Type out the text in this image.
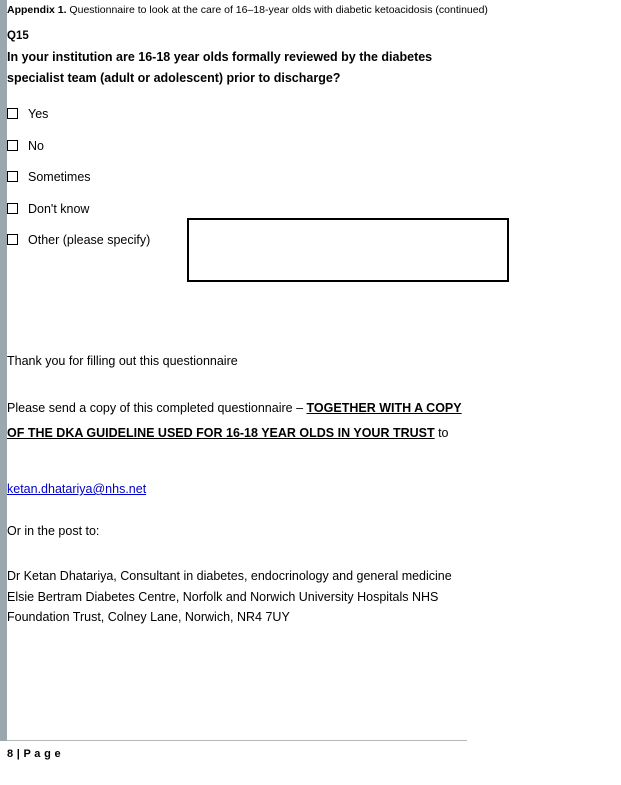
Appendix 1. Questionnaire to look at the care of 16–18-year olds with diabetic ketoacidosis (continued)
Q15
In your institution are 16-18 year olds formally reviewed by the diabetes specialist team (adult or adolescent) prior to discharge?
Yes
No
Sometimes
Don't know
Other (please specify)
Thank you for filling out this questionnaire
Please send a copy of this completed questionnaire – TOGETHER WITH A COPY OF THE DKA GUIDELINE USED FOR 16-18 YEAR OLDS IN YOUR TRUST to
ketan.dhatariya@nhs.net
Or in the post to:
Dr Ketan Dhatariya, Consultant in diabetes, endocrinology and general medicine Elsie Bertram Diabetes Centre, Norfolk and Norwich University Hospitals NHS Foundation Trust, Colney Lane, Norwich, NR4 7UY
8 | P a g e
